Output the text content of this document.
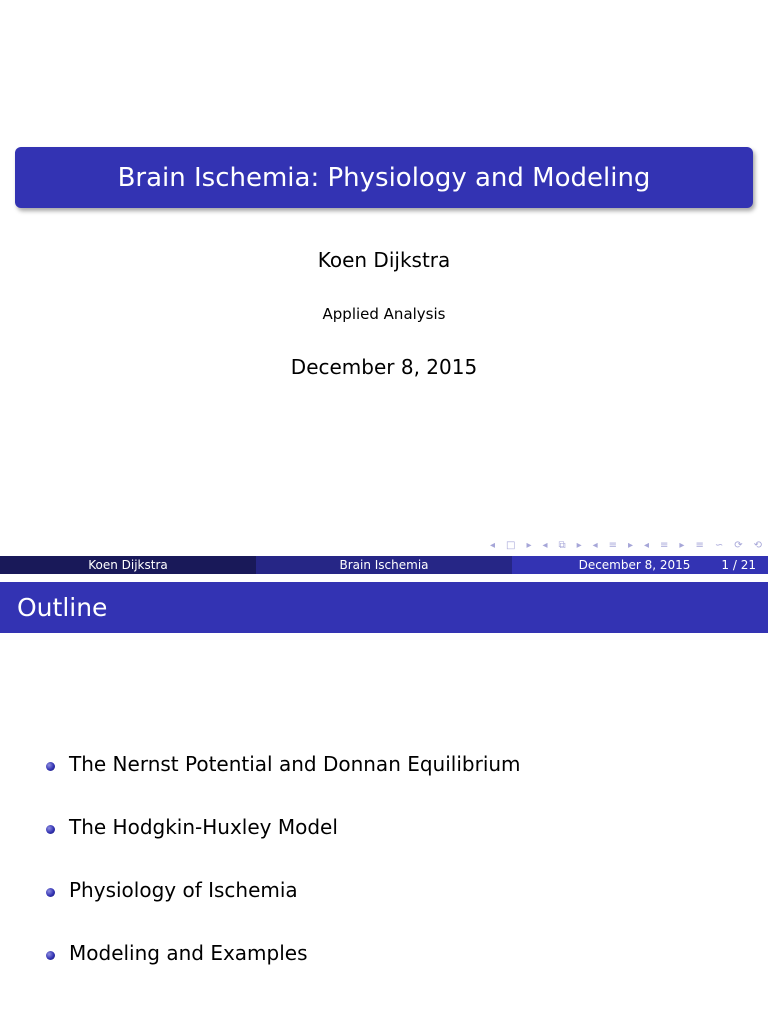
Brain Ischemia: Physiology and Modeling
Koen Dijkstra
Applied Analysis
December 8, 2015
◂ □ ▸ ◂ ⧉ ▸ ◂ ≡ ▸ ◂ ≡ ▸ ≡ ∽ ⟳ ⟲
Koen Dijkstra	Brain Ischemia	December 8, 2015	1 / 21
Outline
The Nernst Potential and Donnan Equilibrium
The Hodgkin-Huxley Model
Physiology of Ischemia
Modeling and Examples
